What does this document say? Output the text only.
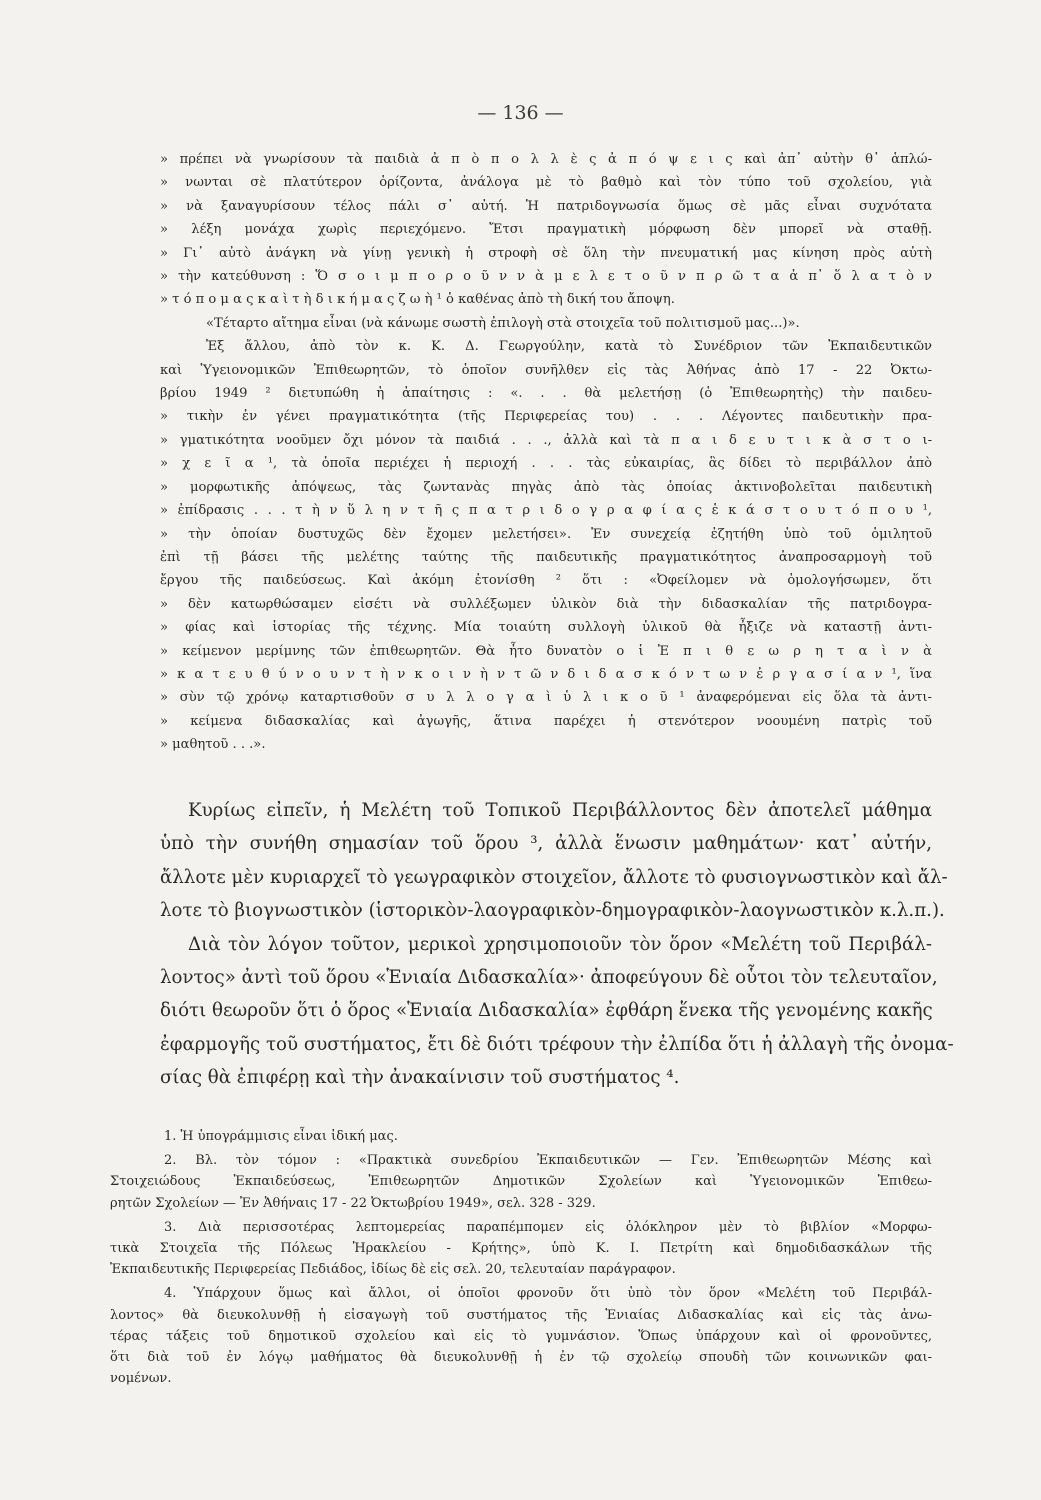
— 136 —
» πρέπει νὰ γνωρίσουν τὰ παιδιὰ ἀ π ὸ π ο λ λ ὲ ς ἀ π ό ψ ε ι ς καὶ ἀπ᾽ αὐτὴν θ᾽ ἁπλώ-
» νωνται σὲ πλατύτερον ὁρίζοντα, ἀνάλογα μὲ τὸ βαθμὸ καὶ τὸν τύπο τοῦ σχολείου, γιὰ
» νὰ ξαναγυρίσουν τέλος πάλι σ᾽ αὐτή. Ἡ πατριδογνωσία ὅμως σὲ μᾶς εἶναι συχνότατα
» λέξη μονάχα χωρὶς περιεχόμενο. Ἔτσι πραγματικὴ μόρφωση δὲν μπορεῖ νὰ σταθῇ.
» Γι᾽ αὐτὸ ἀνάγκη νὰ γίνῃ γενικὴ ἡ στροφὴ σὲ ὅλη τὴν πνευματική μας κίνηση πρὸς αὐτὴ
» τὴν κατεύθυνση : Ὅ σ ο ι μ π ο ρ ο ῦ ν ν ὰ μ ε λ ε τ ο ῦ ν π ρ ῶ τ α ἀ π᾽ ὅ λ α τ ὸ ν
» τ ό π ο μ α ς κ α ὶ τ ὴ δ ι κ ή μ α ς ζ ω ὴ ¹ ὁ καθένας ἀπὸ τὴ δική του ἄποψη.
«Τέταρτο αἴτημα εἶναι (νὰ κάνωμε σωστὴ ἐπιλογὴ στὰ στοιχεῖα τοῦ πολιτισμοῦ μας...)».
Ἐξ ἄλλου, ἀπὸ τὸν κ. Κ. Δ. Γεωργούλην, κατὰ τὸ Συνέδριον τῶν Ἐκπαιδευτικῶν
καὶ Ὑγειονομικῶν Ἐπιθεωρητῶν, τὸ ὁποῖον συνῆλθεν εἰς τὰς Ἀθήνας ἀπὸ 17 - 22 Ὀκτω-
βρίου 1949 ² διετυπώθη ἡ ἀπαίτησις : «. . . θὰ μελετήσῃ (ὁ Ἐπιθεωρητὴς) τὴν παιδευ-
» τικὴν ἐν γένει πραγματικότητα (τῆς Περιφερείας του) . . . Λέγοντες παιδευτικὴν πρα-
» γματικότητα νοοῦμεν ὄχι μόνον τὰ παιδιά . . ., ἀλλὰ καὶ τὰ π α ι δ ε υ τ ι κ ὰ σ τ ο ι-
» χ ε ῖ α ¹, τὰ ὁποῖα περιέχει ἡ περιοχή . . . τὰς εὐκαιρίας, ἃς δίδει τὸ περιβάλλον ἀπὸ
» μορφωτικῆς ἀπόψεως, τὰς ζωντανὰς πηγὰς ἀπὸ τὰς ὁποίας ἀκτινοβολεῖται παιδευτικὴ
» ἐπίδρασις . . . τ ὴ ν ὕ λ η ν τ ῆ ς π α τ ρ ι δ ο γ ρ α φ ί α ς ἑ κ ά σ τ ο υ τ ό π ο υ ¹,
» τὴν ὁποίαν δυστυχῶς δὲν ἔχομεν μελετήσει». Ἐν συνεχείᾳ ἐζητήθη ὑπὸ τοῦ ὁμιλητοῦ
ἐπὶ τῇ βάσει τῆς μελέτης ταύτης τῆς παιδευτικῆς πραγματικότητος ἀναπροσαρμογὴ τοῦ
ἔργου τῆς παιδεύσεως. Καὶ ἀκόμη ἐτονίσθη ² ὅτι : «Ὀφείλομεν νὰ ὁμολογήσωμεν, ὅτι
» δὲν κατωρθώσαμεν εἰσέτι νὰ συλλέξωμεν ὑλικὸν διὰ τὴν διδασκαλίαν τῆς πατριδογρα-
» φίας καὶ ἱστορίας τῆς τέχνης. Μία τοιαύτη συλλογὴ ὑλικοῦ θὰ ἦξιζε νὰ καταστῇ ἀντι-
» κείμενον μερίμνης τῶν ἐπιθεωρητῶν. Θὰ ἦτο δυνατὸν ο ἱ Ἐ π ι θ ε ω ρ η τ α ὶ ν ὰ
» κ α τ ε υ θ ύ ν ο υ ν τ ὴ ν κ ο ι ν ὴ ν τ ῶ ν δ ι δ α σ κ ό ν τ ω ν ἐ ρ γ α σ ί α ν ¹, ἵνα
» σὺν τῷ χρόνῳ καταρτισθοῦν σ υ λ λ ο γ α ὶ ὑ λ ι κ ο ῦ ¹ ἀναφερόμεναι εἰς ὅλα τὰ ἀντι-
» κείμενα διδασκαλίας καὶ ἀγωγῆς, ἅτινα παρέχει ἡ στενότερον νοουμένη πατρὶς τοῦ
» μαθητοῦ . . .».
Κυρίως εἰπεῖν, ἡ Μελέτη τοῦ Τοπικοῦ Περιβάλλοντος δὲν ἀποτελεῖ μάθημα
ὑπὸ τὴν συνήθη σημασίαν τοῦ ὅρου ³, ἀλλὰ ἕνωσιν μαθημάτων· κατ᾽ αὐτήν,
ἄλλοτε μὲν κυριαρχεῖ τὸ γεωγραφικὸν στοιχεῖον, ἄλλοτε τὸ φυσιογνωστικὸν καὶ ἄλ-
λοτε τὸ βιογνωστικὸν (ἱστορικὸν-λαογραφικὸν-δημογραφικὸν-λαογνωστικὸν κ.λ.π.).
Διὰ τὸν λόγον τοῦτον, μερικοὶ χρησιμοποιοῦν τὸν ὅρον «Μελέτη τοῦ Περιβάλ-
λοντος» ἀντὶ τοῦ ὅρου «Ἑνιαία Διδασκαλία»· ἀποφεύγουν δὲ οὗτοι τὸν τελευταῖον,
διότι θεωροῦν ὅτι ὁ ὅρος «Ἑνιαία Διδασκαλία» ἐφθάρη ἕνεκα τῆς γενομένης κακῆς
ἐφαρμογῆς τοῦ συστήματος, ἔτι δὲ διότι τρέφουν τὴν ἐλπίδα ὅτι ἡ ἀλλαγὴ τῆς ὀνομα-
σίας θὰ ἐπιφέρῃ καὶ τὴν ἀνακαίνισιν τοῦ συστήματος ⁴.
1. Ἡ ὑπογράμμισις εἶναι ἰδική μας.
2. Βλ. τὸν τόμον : «Πρακτικὰ συνεδρίου Ἐκπαιδευτικῶν — Γεν. Ἐπιθεωρητῶν Μέσης καὶ
Στοιχειώδους Ἐκπαιδεύσεως, Ἐπιθεωρητῶν Δημοτικῶν Σχολείων καὶ Ὑγειονομικῶν Ἐπιθεω-
ρητῶν Σχολείων — Ἐν Ἀθήναις 17 - 22 Ὀκτωβρίου 1949», σελ. 328 - 329.
3. Διὰ περισσοτέρας λεπτομερείας παραπέμπομεν εἰς ὁλόκληρον μὲν τὸ βιβλίον «Μορφω-
τικὰ Στοιχεῖα τῆς Πόλεως Ἡρακλείου - Κρήτης», ὑπὸ Κ. Ι. Πετρίτη καὶ δημοδιδασκάλων τῆς
Ἐκπαιδευτικῆς Περιφερείας Πεδιάδος, ἰδίως δὲ εἰς σελ. 20, τελευταίαν παράγραφον.
4. Ὑπάρχουν ὅμως καὶ ἄλλοι, οἱ ὁποῖοι φρονοῦν ὅτι ὑπὸ τὸν ὅρον «Μελέτη τοῦ Περιβάλ-
λοντος» θὰ διευκολυνθῇ ἡ εἰσαγωγὴ τοῦ συστήματος τῆς Ἑνιαίας Διδασκαλίας καὶ εἰς τὰς ἀνω-
τέρας τάξεις τοῦ δημοτικοῦ σχολείου καὶ εἰς τὸ γυμνάσιον. Ὅπως ὑπάρχουν καὶ οἱ φρονοῦντες,
ὅτι διὰ τοῦ ἐν λόγῳ μαθήματος θὰ διευκολυνθῇ ἡ ἐν τῷ σχολείῳ σπουδὴ τῶν κοινωνικῶν φαι-
νομένων.
